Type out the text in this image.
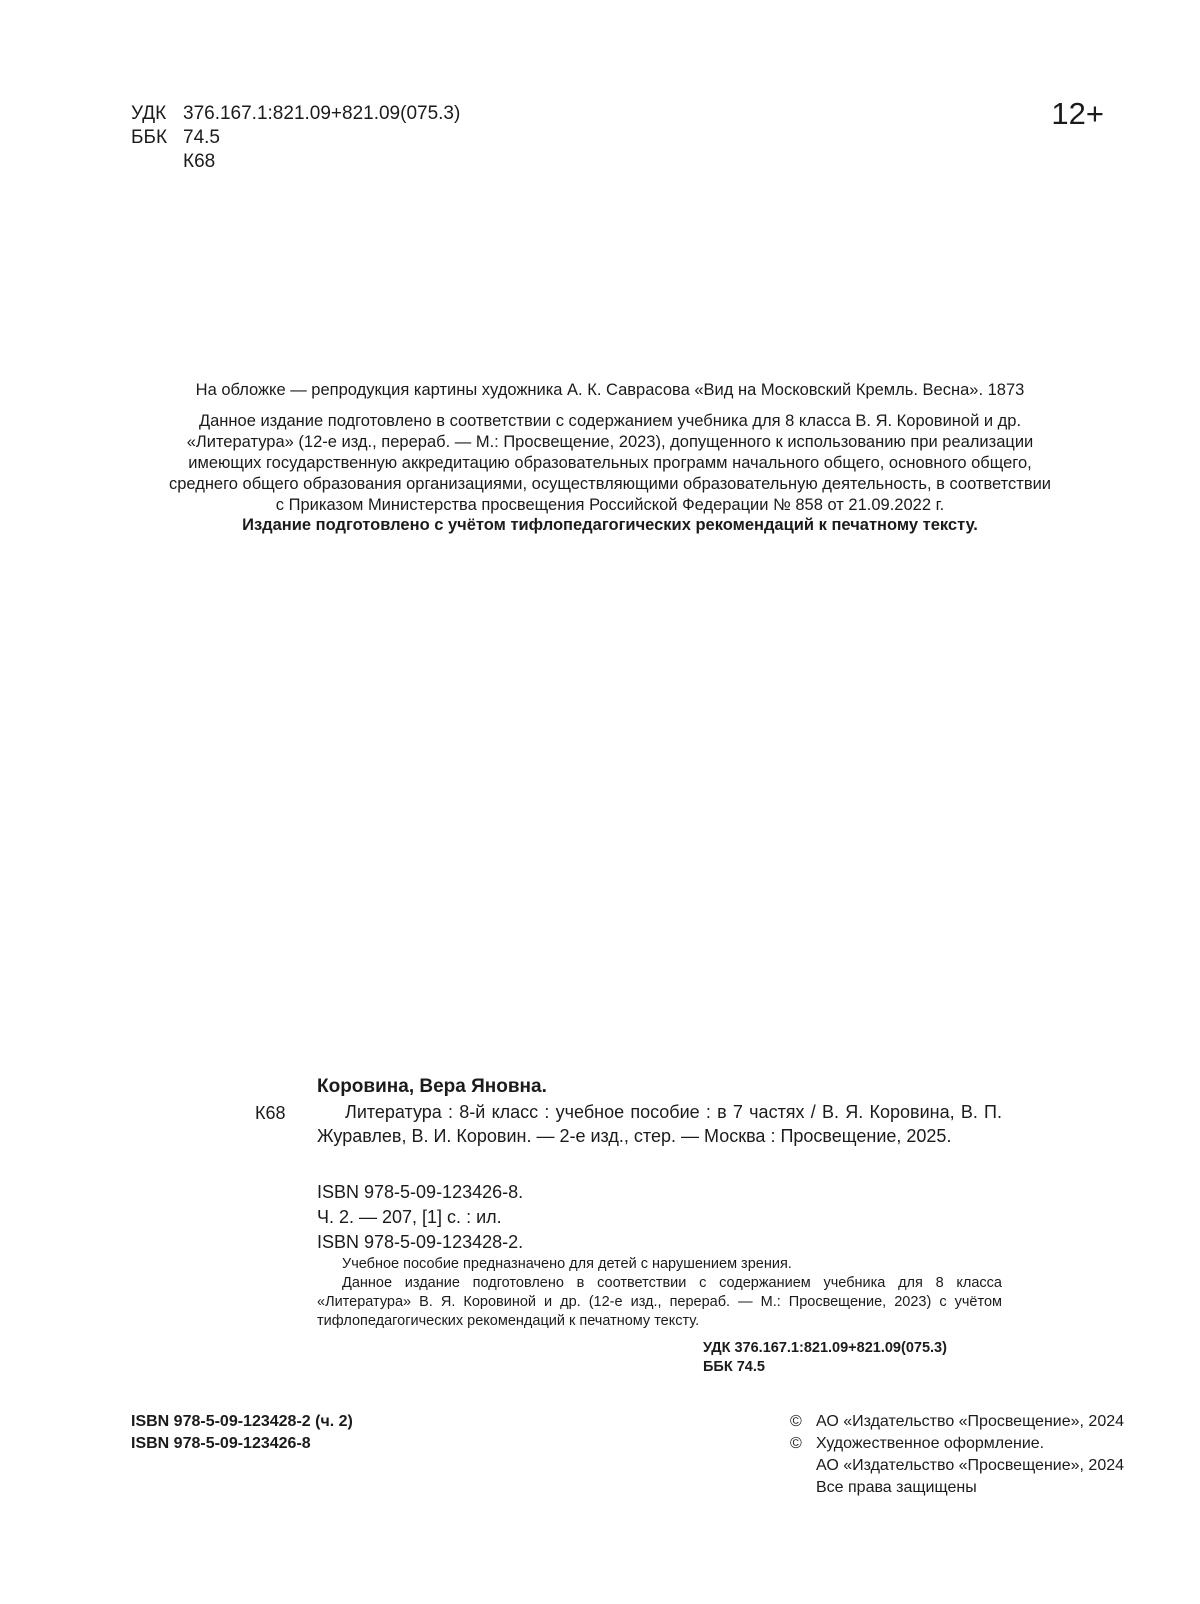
УДК 376.167.1:821.09+821.09(075.3)
ББК 74.5
К68
12+
На обложке — репродукция картины художника А. К. Саврасова «Вид на Московский Кремль. Весна». 1873
Данное издание подготовлено в соответствии с содержанием учебника для 8 класса В. Я. Коровиной и др.
«Литература» (12-е изд., перераб. — М.: Просвещение, 2023), допущенного к использованию при реализации
имеющих государственную аккредитацию образовательных программ начального общего, основного общего,
среднего общего образования организациями, осуществляющими образовательную деятельность, в соответствии
с Приказом Министерства просвещения Российской Федерации № 858 от 21.09.2022 г.
Издание подготовлено с учётом тифлопедагогических рекомендаций к печатному тексту.
Коровина, Вера Яновна.
К68	Литература : 8-й класс : учебное пособие : в 7 частях / В. Я. Коровина, В. П. Журавлев, В. И. Коровин. — 2-е изд., стер. — Москва : Просвещение, 2025.
ISBN 978-5-09-123426-8.
Ч. 2. — 207, [1] с. : ил.
ISBN 978-5-09-123428-2.

Учебное пособие предназначено для детей с нарушением зрения.

Данное издание подготовлено в соответствии с содержанием учебника для 8 класса «Литература» В. Я. Коровиной и др. (12-е изд., перераб. — М.: Просвещение, 2023) с учётом тифлопедагогических рекомендаций к печатному тексту.

УДК 376.167.1:821.09+821.09(075.3)
ББК 74.5
ISBN 978-5-09-123428-2 (ч. 2)
ISBN 978-5-09-123426-8
© АО «Издательство «Просвещение», 2024
© Художественное оформление.
АО «Издательство «Просвещение», 2024
Все права защищены
